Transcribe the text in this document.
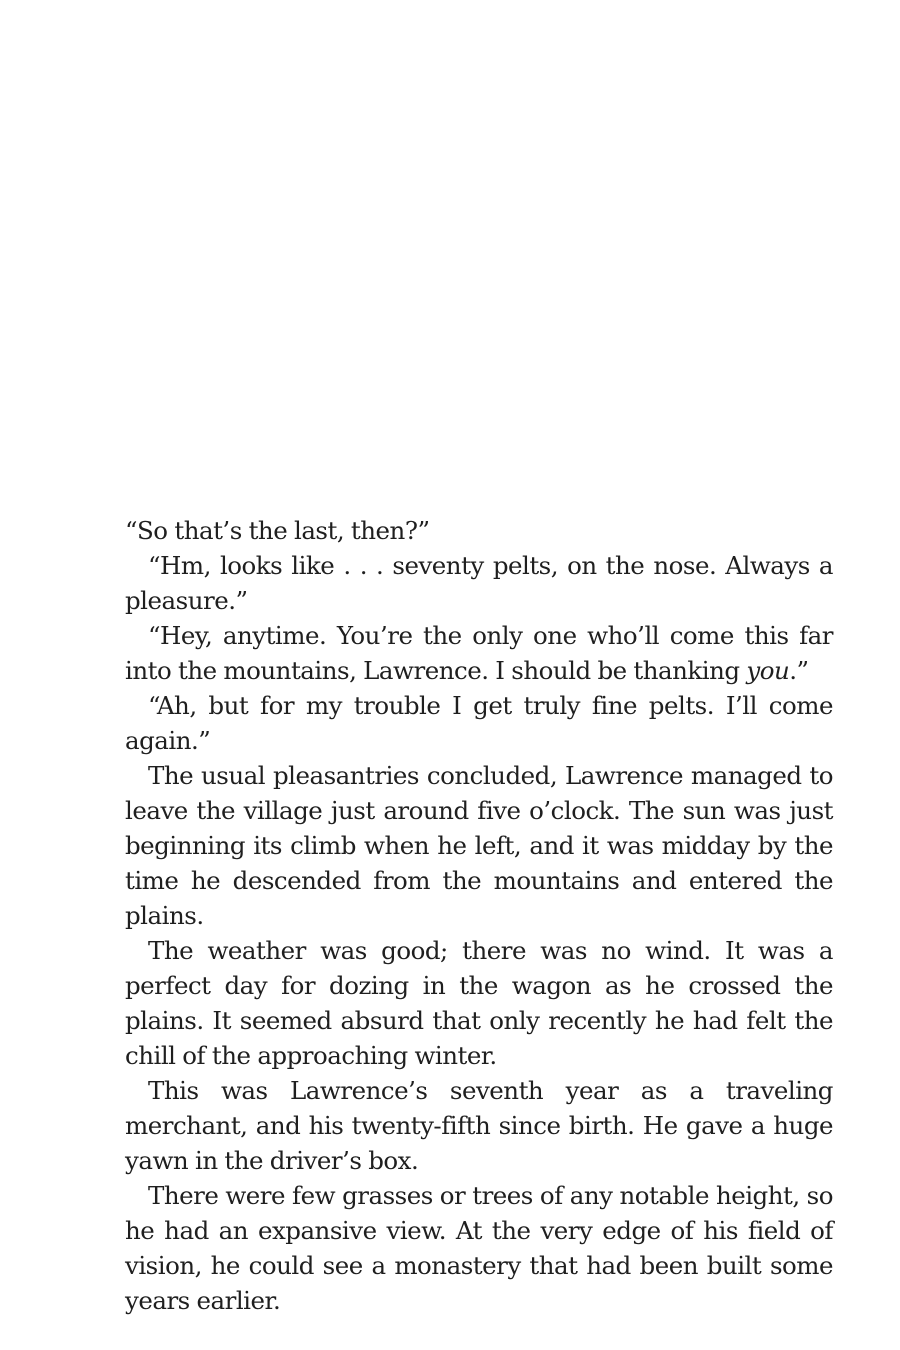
“So that’s the last, then?”

“Hm, looks like . . . seventy pelts, on the nose. Always a pleasure.”

“Hey, anytime. You’re the only one who’ll come this far into the mountains, Lawrence. I should be thanking you.”

“Ah, but for my trouble I get truly fine pelts. I’ll come again.”

The usual pleasantries concluded, Lawrence managed to leave the village just around five o’clock. The sun was just beginning its climb when he left, and it was midday by the time he descended from the mountains and entered the plains.

The weather was good; there was no wind. It was a perfect day for dozing in the wagon as he crossed the plains. It seemed absurd that only recently he had felt the chill of the approaching winter.

This was Lawrence’s seventh year as a traveling merchant, and his twenty-fifth since birth. He gave a huge yawn in the driver’s box.

There were few grasses or trees of any notable height, so he had an expansive view. At the very edge of his field of vision, he could see a monastery that had been built some years earlier.
